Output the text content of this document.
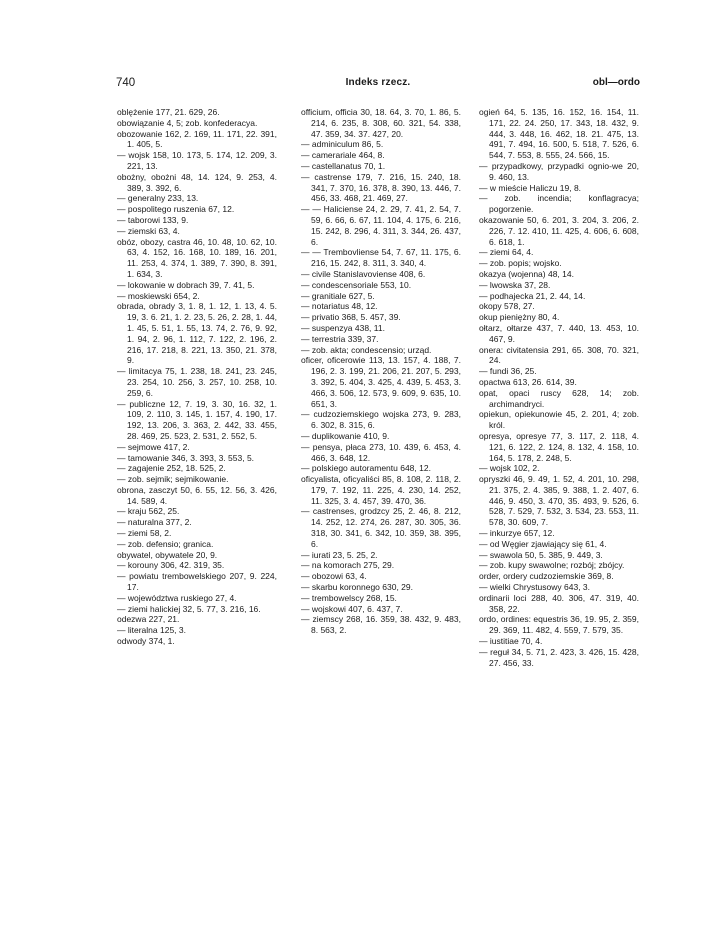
740	Indeks rzecz.	obl—ordo

oblężenie 177, 21. 629, 26.

obowiązanie 4, 5; zob. konfederacya.

obozowanie 162, 2. 169, 11. 171, 22. 391, 1. 405, 5.

— wojsk 158, 10. 173, 5. 174, 12. 209, 3. 221, 13.

obożny, obożni 48, 14. 124, 9. 253, 4. 389, 3. 392, 6.

— generalny 233, 13.

— pospolitego ruszenia 67, 12.

— taborowi 133, 9.

— ziemski 63, 4.

obóz, obozy, castra 46, 10. 48, 10. 62, 10. 63, 4. 152, 16. 168, 10. 189, 16. 201, 11. 253, 4. 374, 1. 389, 7. 390, 8. 391, 1. 634, 3.

— lokowanie w dobrach 39, 7. 41, 5.

— moskiewski 654, 2.

obrada, obrady 3, 1. 8, 1. 12, 1. 13, 4. 5. 19, 3. 6. 21, 1. 2. 23, 5. 26, 2. 28, 1. 44, 1. 45, 5. 51, 1. 55, 13. 74, 2. 76, 9. 92, 1. 94, 2. 96, 1. 112, 7. 122, 2. 196, 2. 216, 17. 218, 8. 221, 13. 350, 21. 378, 9.

— limitacya 75, 1. 238, 18. 241, 23. 245, 23. 254, 10. 256, 3. 257, 10. 258, 10. 259, 6.

— publiczne 12, 7. 19, 3. 30, 16. 32, 1. 109, 2. 110, 3. 145, 1. 157, 4. 190, 17. 192, 13. 206, 3. 363, 2. 442, 33. 455, 28. 469, 25. 523, 2. 531, 2. 552, 5.

— sejmowe 417, 2.

— tamowanie 346, 3. 393, 3. 553, 5.

— zagajenie 252, 18. 525, 2.

— zob. sejmik; sejmikowanie.

obrona, zasczyt 50, 6. 55, 12. 56, 3. 426, 14. 589, 4.

— kraju 562, 25.

— naturalna 377, 2.

— ziemi 58, 2.

— zob. defensio; granica.

obywatel, obywatele 20, 9.

— korouny 306, 42. 319, 35.

— powiatu trembowelskiego 207, 9. 224, 17.

— województwa ruskiego 27, 4.

— ziemi halickiej 32, 5. 77, 3. 216, 16.

odezwa 227, 21.

— literalna 125, 3.

odwody 374, 1.

officium, officia 30, 18. 64, 3. 70, 1. 86, 5. 214, 6. 235, 8. 308, 60. 321, 54. 338, 47. 359, 34. 37. 427, 20.

— adminiculum 86, 5.

— camerariale 464, 8.

— castellanatus 70, 1.

— castrense 179, 7. 216, 15. 240, 18. 341, 7. 370, 16. 378, 8. 390, 13. 446, 7. 456, 33. 468, 21. 469, 27.

— — Haliciense 24, 2. 29, 7. 41, 2. 54, 7. 59, 6. 66, 6. 67, 11. 104, 4. 175, 6. 216, 15. 242, 8. 296, 4. 311, 3. 344, 26. 437, 6.

— — Trembovliense 54, 7. 67, 11. 175, 6. 216, 15. 242, 8. 311, 3. 340, 4.

— civile Stanislavoviense 408, 6.

— condescensoriale 553, 10.

— granitiale 627, 5.

— notariatus 48, 12.

— privatio 368, 5. 457, 39.

— suspenzya 438, 11.

— terrestria 339, 37.

— zob. akta; condescensio; urząd.

oficer, oficerowie 113, 13. 157, 4. 188, 7. 196, 2. 3. 199, 21. 206, 21. 207, 5. 293, 3. 392, 5. 404, 3. 425, 4. 439, 5. 453, 3. 466, 3. 506, 12. 573, 9. 609, 9. 635, 10. 651, 3.

— cudzoziemskiego wojska 273, 9. 283, 6. 302, 8. 315, 6.

— duplikowanie 410, 9.

— pensya, płaca 273, 10. 439, 6. 453, 4. 466, 3. 648, 12.

— polskiego autoramentu 648, 12.

oficyalista, oficyaliści 85, 8. 108, 2. 118, 2. 179, 7. 192, 11. 225, 4. 230, 14. 252, 11. 325, 3. 4. 457, 39. 470, 36.

— castrenses, grodzcy 25, 2. 46, 8. 212, 14. 252, 12. 274, 26. 287, 30. 305, 36. 318, 30. 341, 6. 342, 10. 359, 38. 395, 6.

— iurati 23, 5. 25, 2.

— na komorach 275, 29.

— obozowi 63, 4.

— skarbu koronnego 630, 29.

— trembowelscy 268, 15.

— wojskowi 407, 6. 437, 7.

— ziemscy 268, 16. 359, 38. 432, 9. 483, 8. 563, 2.

ogień 64, 5. 135, 16. 152, 16. 154, 11. 171, 22. 24. 250, 17. 343, 18. 432, 9. 444, 3. 448, 16. 462, 18. 21. 475, 13. 491, 7. 494, 16. 500, 5. 518, 7. 526, 6. 544, 7. 553, 8. 555, 24. 566, 15.

— przypadkowy, przypadki ognio-we 20, 9. 460, 13.

— w mieście Haliczu 19, 8.

— zob. incendia; konflagracya; pogorzenie.

okazowanie 50, 6. 201, 3. 204, 3. 206, 2. 226, 7. 12. 410, 11. 425, 4. 606, 6. 608, 6. 618, 1.

— ziemi 64, 4.

— zob. popis; wojsko.

okazya (wojenna) 48, 14.

— lwowska 37, 28.

— podhajecka 21, 2. 44, 14.

okopy 578, 27.

okup pieniężny 80, 4.

ołtarz, ołtarze 437, 7. 440, 13. 453, 10. 467, 9.

onera: civitatensia 291, 65. 308, 70. 321, 24.

— fundi 36, 25.

opactwa 613, 26. 614, 39.

opat, opaci ruscy 628, 14; zob. archimandryci.

opiekun, opiekunowie 45, 2. 201, 4; zob. król.

opresya, opresye 77, 3. 117, 2. 118, 4. 121, 6. 122, 2. 124, 8. 132, 4. 158, 10. 164, 5. 178, 2. 248, 5.

— wojsk 102, 2.

opryszki 46, 9. 49, 1. 52, 4. 201, 10. 298, 21. 375, 2. 4. 385, 9. 388, 1. 2. 407, 6. 446, 9. 450, 3. 470, 35. 493, 9. 526, 6. 528, 7. 529, 7. 532, 3. 534, 23. 553, 11. 578, 30. 609, 7.

— inkurzye 657, 12.

— od Węgier zjawiający się 61, 4.

— swawola 50, 5. 385, 9. 449, 3.

— zob. kupy swawolne; rozbój; zbójcy.

order, ordery cudzoziemskie 369, 8.

— wielki Chrystusowy 643, 3.

ordinarii loci 288, 40. 306, 47. 319, 40. 358, 22.

ordo, ordines: equestris 36, 19. 95, 2. 359, 29. 369, 11. 482, 4. 559, 7. 579, 35.

— iustitiae 70, 4.

— reguł 34, 5. 71, 2. 423, 3. 426, 15. 428, 27. 456, 33.
